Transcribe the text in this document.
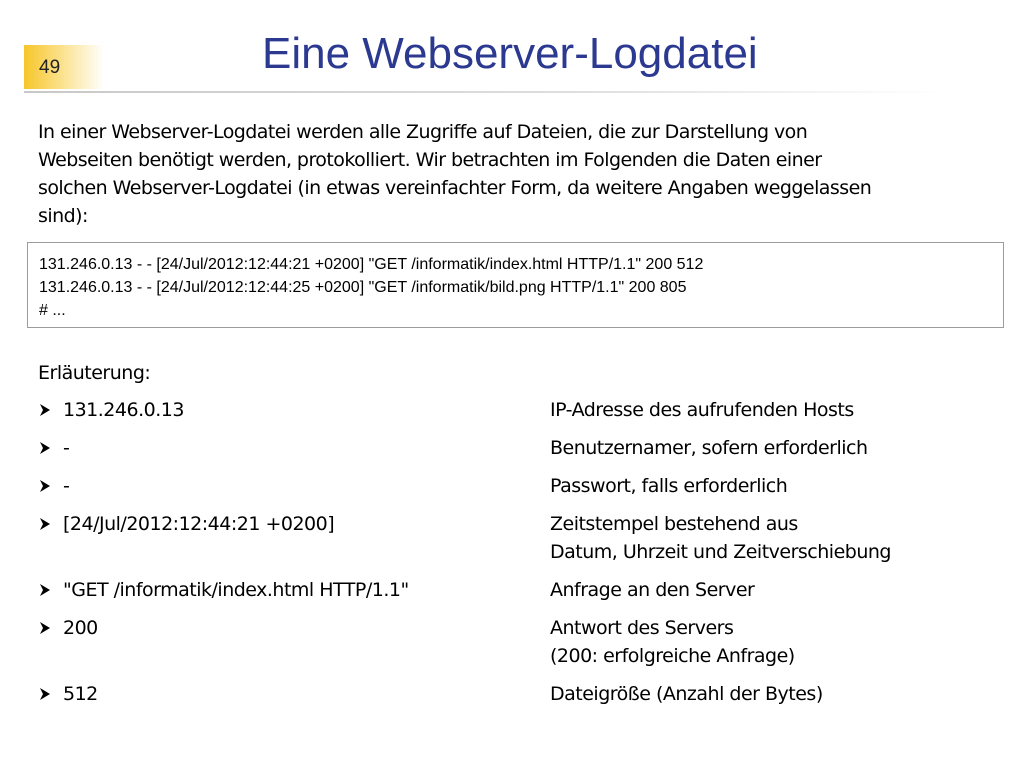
49	Eine Webserver-Logdatei

In einer Webserver-Logdatei werden alle Zugriffe auf Dateien, die zur Darstellung von
Webseiten benötigt werden, protokolliert. Wir betrachten im Folgenden die Daten einer
solchen Webserver-Logdatei (in etwas vereinfachter Form, da weitere Angaben weggelassen
sind):

131.246.0.13 - - [24/Jul/2012:12:44:21 +0200] "GET /informatik/index.html HTTP/1.1" 200 512
131.246.0.13 - - [24/Jul/2012:12:44:25 +0200] "GET /informatik/bild.png HTTP/1.1" 200 805
# ...

Erläuterung:

131.246.0.13	IP-Adresse des aufrufenden Hosts
-	Benutzernamer, sofern erforderlich
-	Passwort, falls erforderlich
[24/Jul/2012:12:44:21 +0200]	Zeitstempel bestehend aus
Datum, Uhrzeit und Zeitverschiebung
"GET /informatik/index.html HTTP/1.1"	Anfrage an den Server
200	Antwort des Servers
(200: erfolgreiche Anfrage)
512	Dateigröße (Anzahl der Bytes)
